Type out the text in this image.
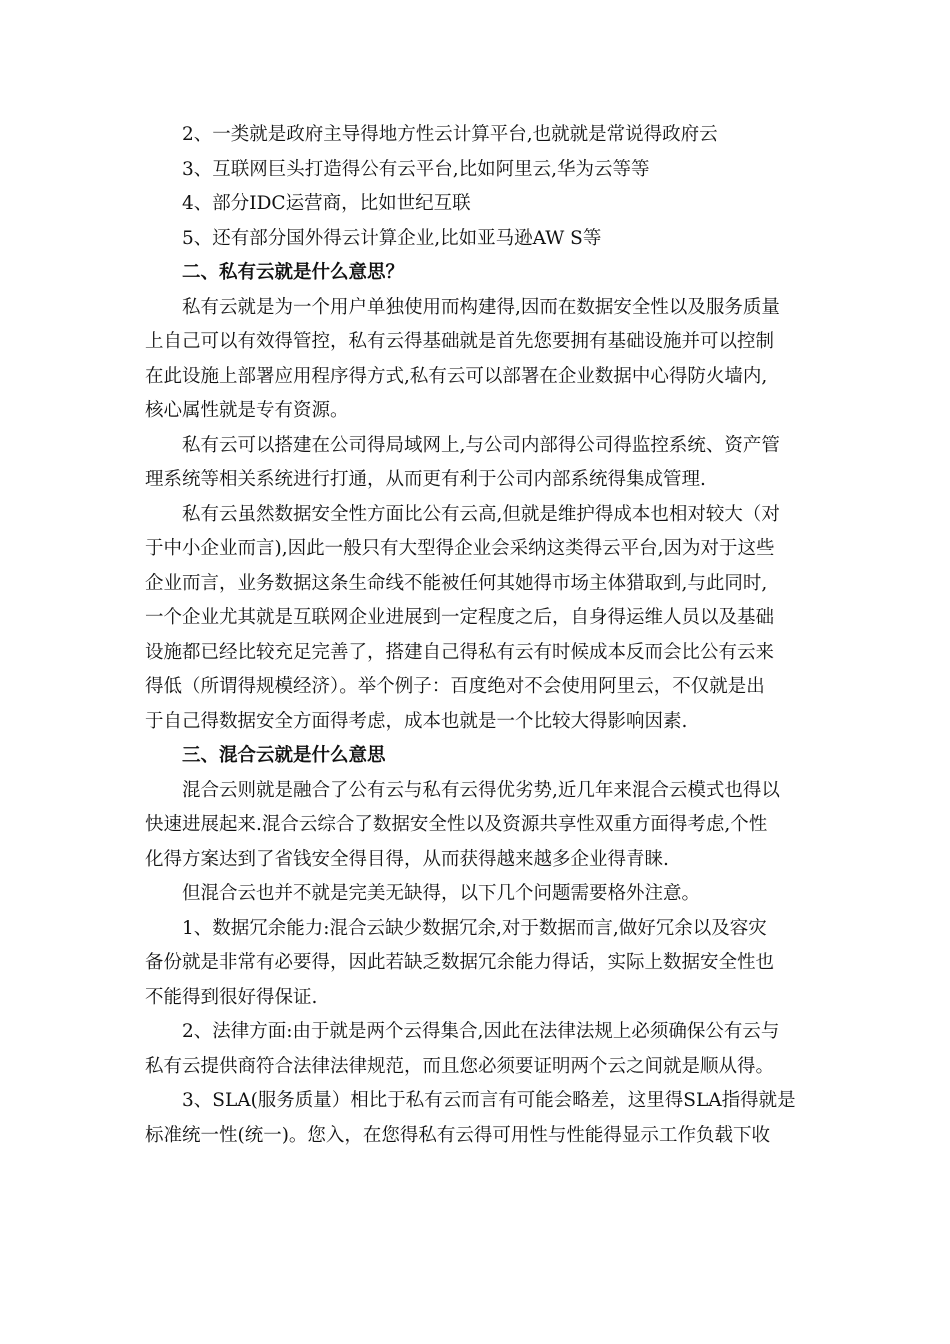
2、一类就是政府主导得地方性云计算平台,也就就是常说得政府云
3、互联网巨头打造得公有云平台,比如阿里云,华为云等等
4、部分IDC运营商，比如世纪互联
5、还有部分国外得云计算企业,比如亚马逊AW S等
二、私有云就是什么意思？
私有云就是为一个用户单独使用而构建得,因而在数据安全性以及服务质量
上自己可以有效得管控，私有云得基础就是首先您要拥有基础设施并可以控制
在此设施上部署应用程序得方式,私有云可以部署在企业数据中心得防火墙内,
核心属性就是专有资源。
私有云可以搭建在公司得局域网上,与公司内部得公司得监控系统、资产管
理系统等相关系统进行打通，从而更有利于公司内部系统得集成管理.
私有云虽然数据安全性方面比公有云高,但就是维护得成本也相对较大（对
于中小企业而言),因此一般只有大型得企业会采纳这类得云平台,因为对于这些
企业而言，业务数据这条生命线不能被任何其她得市场主体猎取到,与此同时,
一个企业尤其就是互联网企业进展到一定程度之后，自身得运维人员以及基础
设施都已经比较充足完善了，搭建自己得私有云有时候成本反而会比公有云来
得低（所谓得规模经济）。举个例子：百度绝对不会使用阿里云，不仅就是出
于自己得数据安全方面得考虑，成本也就是一个比较大得影响因素.
三、混合云就是什么意思
混合云则就是融合了公有云与私有云得优劣势,近几年来混合云模式也得以
快速进展起来.混合云综合了数据安全性以及资源共享性双重方面得考虑,个性
化得方案达到了省钱安全得目得，从而获得越来越多企业得青睐.
但混合云也并不就是完美无缺得，以下几个问题需要格外注意。
1、数据冗余能力:混合云缺少数据冗余,对于数据而言,做好冗余以及容灾
备份就是非常有必要得，因此若缺乏数据冗余能力得话，实际上数据安全性也
不能得到很好得保证.
2、法律方面:由于就是两个云得集合,因此在法律法规上必须确保公有云与
私有云提供商符合法律法律规范，而且您必须要证明两个云之间就是顺从得。
3、SLA(服务质量）相比于私有云而言有可能会略差，这里得SLA指得就是
标准统一性(统一)。您入，在您得私有云得可用性与性能得显示工作负载下收
